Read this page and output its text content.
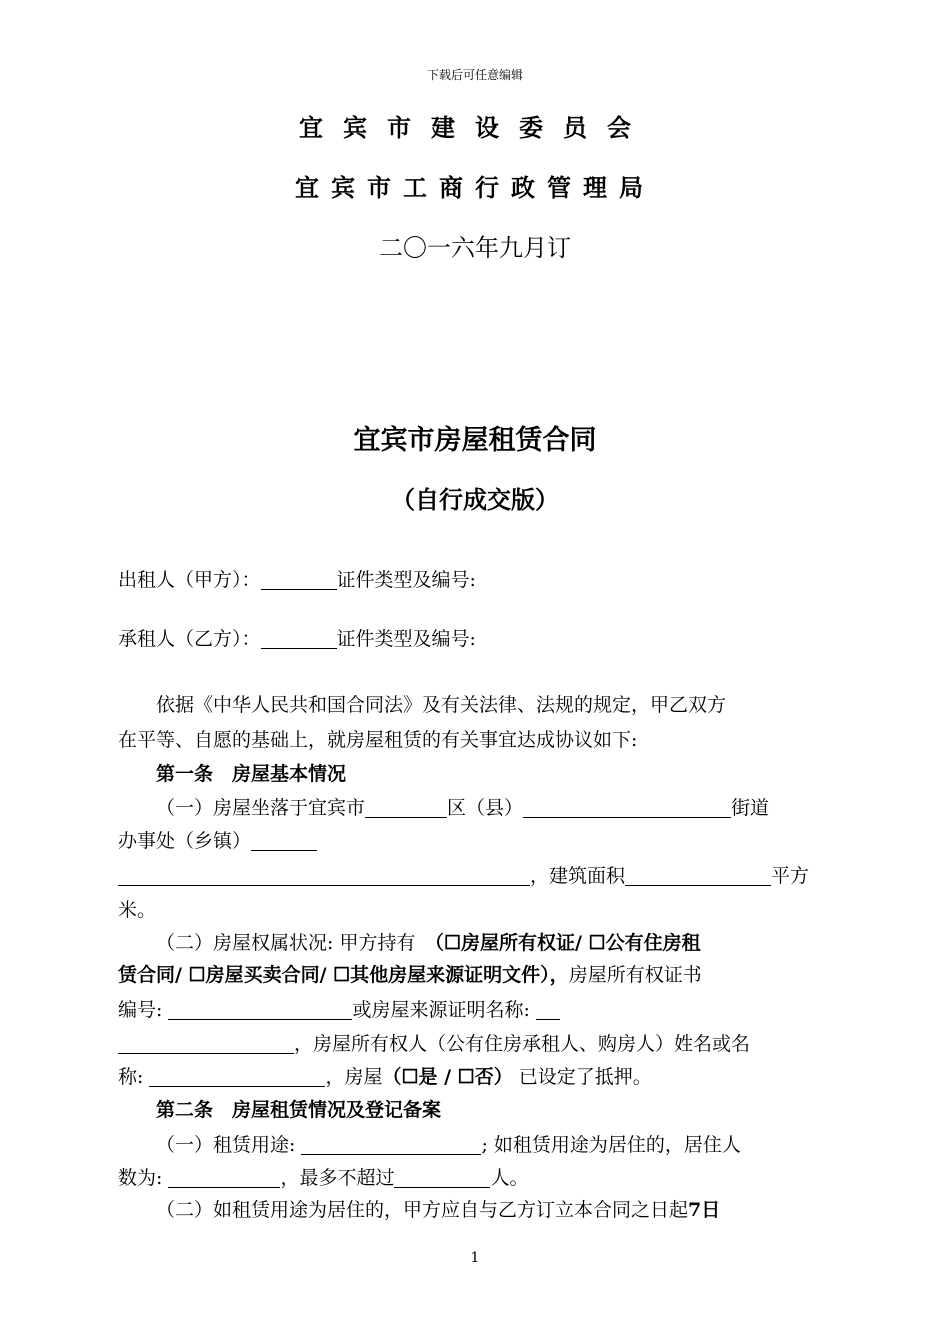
下载后可任意编辑
宜宾市建设委员会
宜宾市工商行政管理局
二〇一六年九月订
宜宾市房屋租赁合同
（自行成交版）
出租人（甲方）：	证件类型及编号:
承租人（乙方）：	证件类型及编号:
依据《中华人民共和国合同法》及有关法律、法规的规定，甲乙双方
在平等、自愿的基础上，就房屋租赁的有关事宜达成协议如下:
第一条　房屋基本情况
（一）房屋坐落于宜宾市	区（县）	街道
办事处（乡镇）
，建筑面积	平方
米。
（二）房屋权属状况: 甲方持有　（☐房屋所有权证/ ☐公有住房租
赁合同/ ☐房屋买卖合同/ ☐其他房屋来源证明文件），房屋所有权证书
编号:	或房屋来源证明名称:
，房屋所有权人（公有住房承租人、购房人）姓名或名
称:	，房屋（☐是 / ☐否） 已设定了抵押。
第二条　房屋租赁情况及登记备案
（一）租赁用途:	; 如租赁用途为居住的，居住人
数为:	，最多不超过	人。
（二）如租赁用途为居住的，甲方应自与乙方订立本合同之日起7日
1
